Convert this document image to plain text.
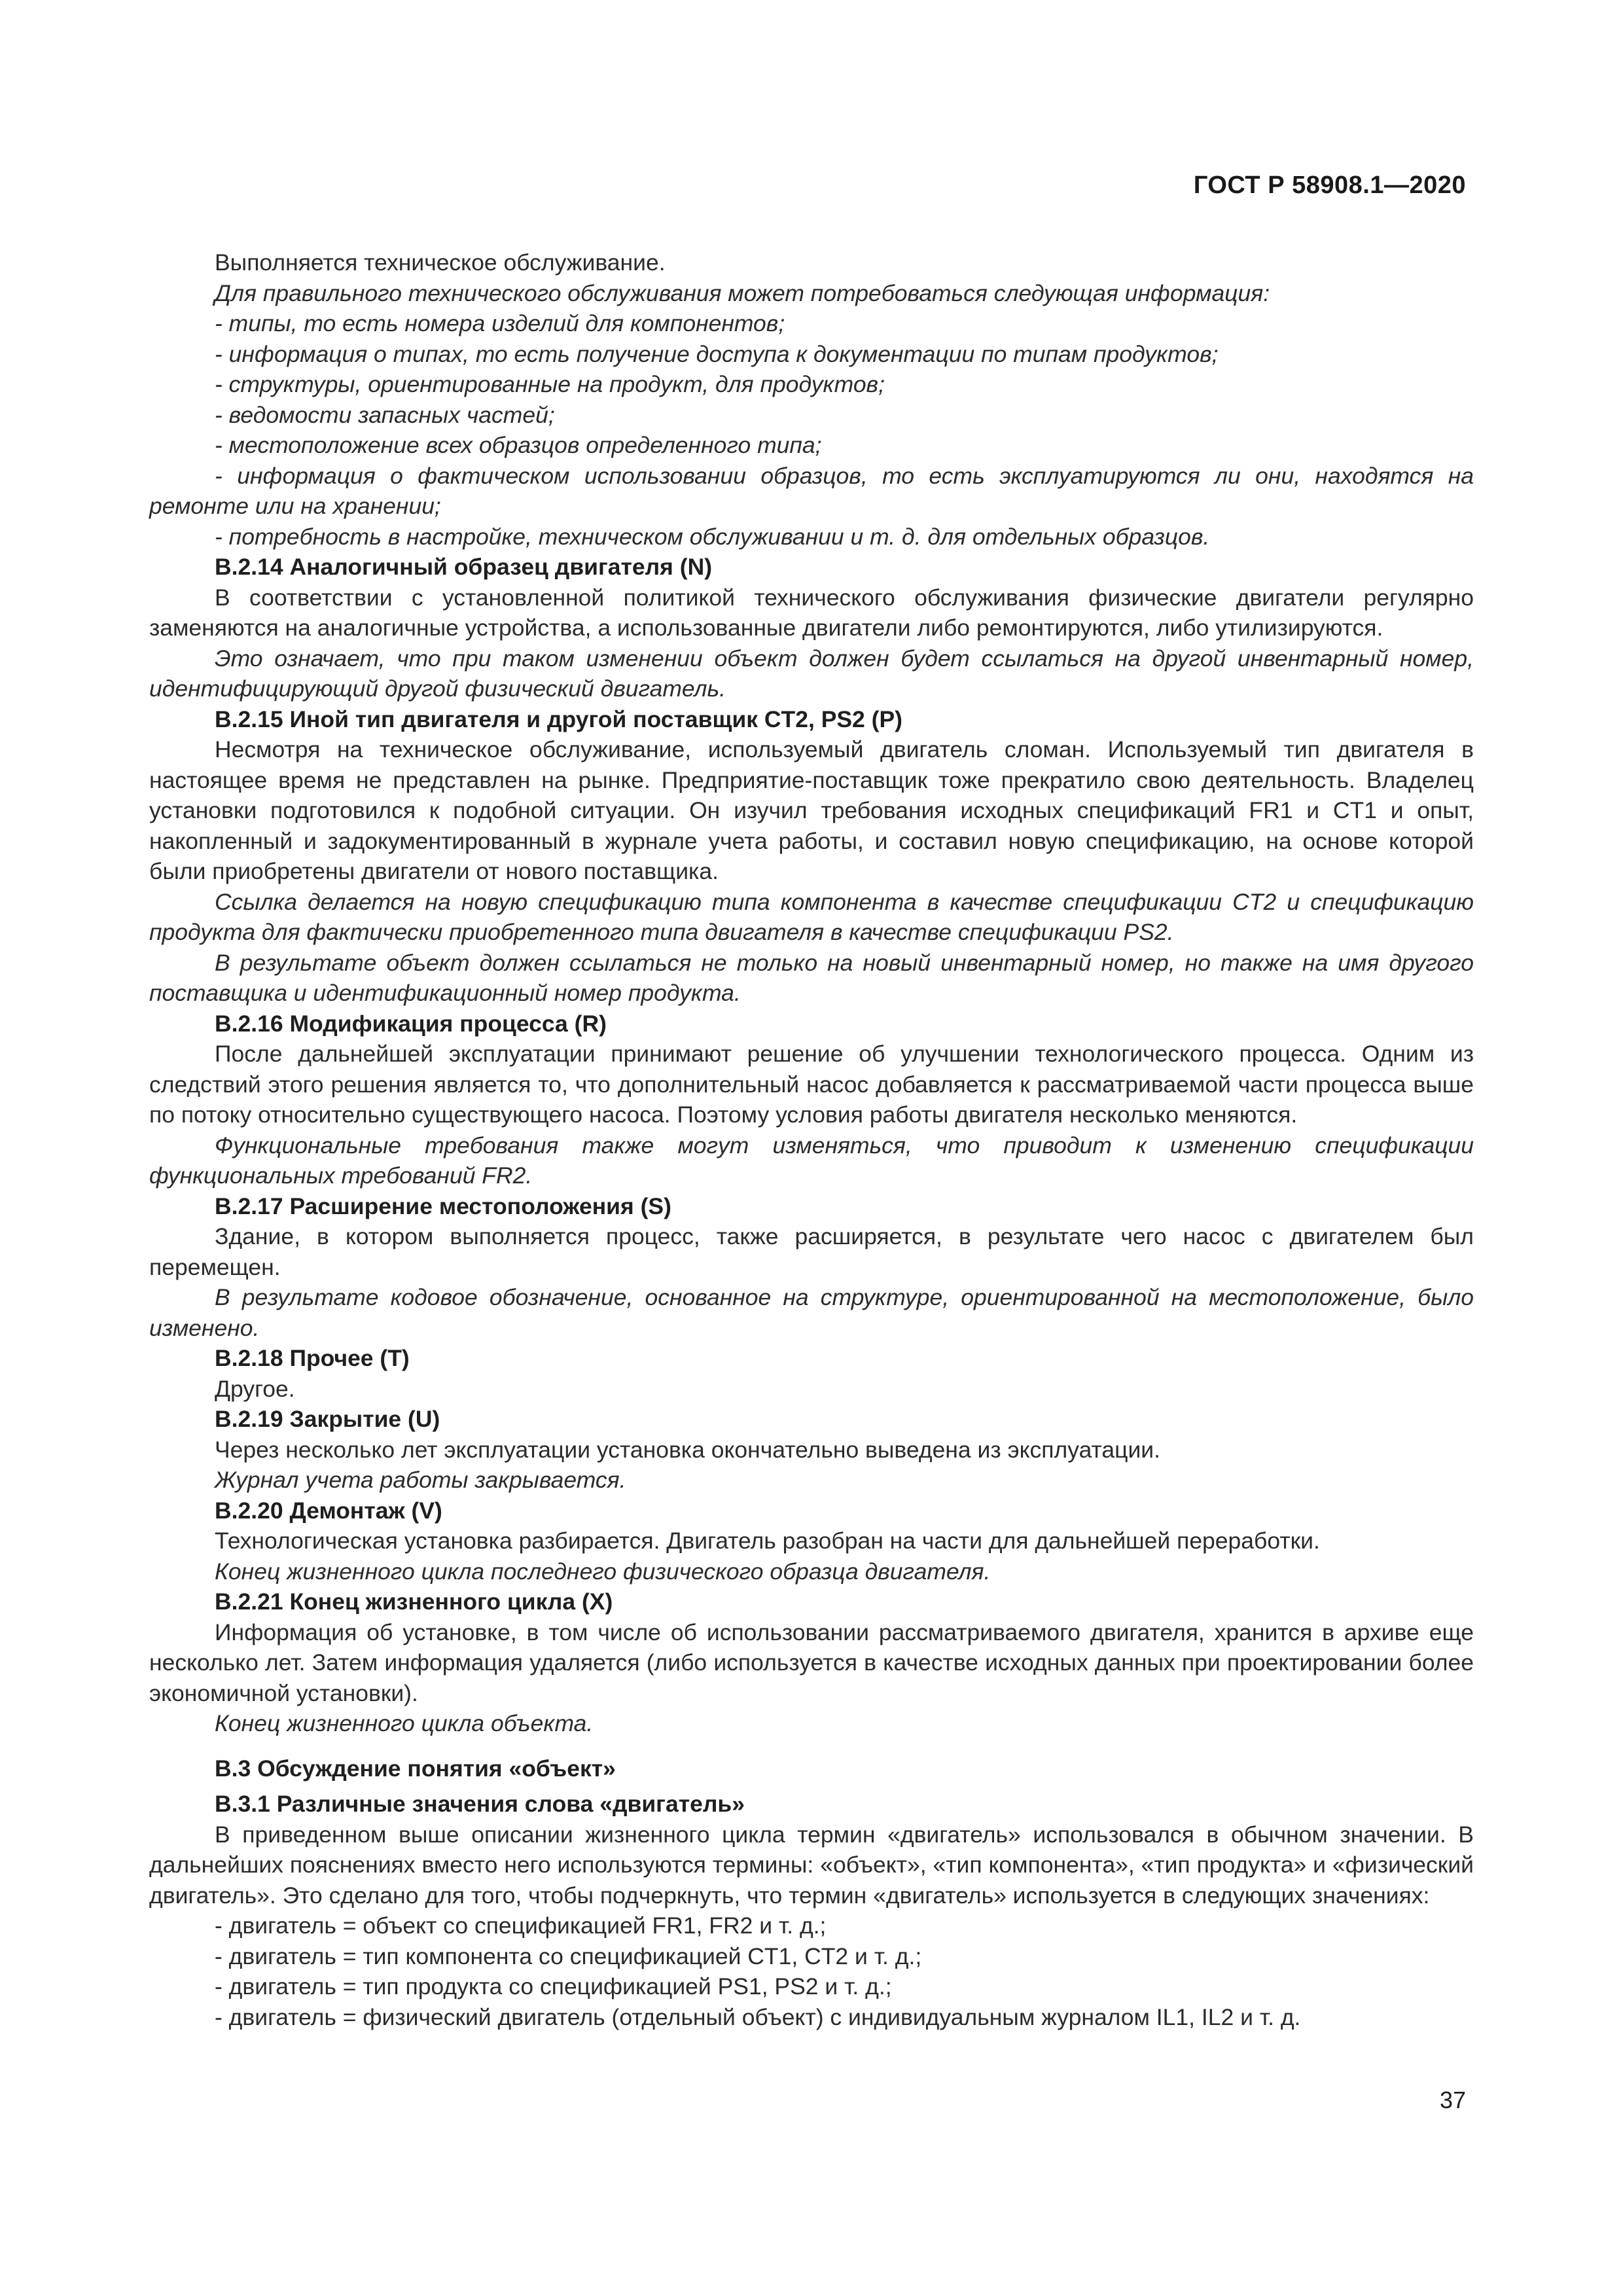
ГОСТ Р 58908.1—2020
Выполняется техническое обслуживание.
Для правильного технического обслуживания может потребоваться следующая информация:
- типы, то есть номера изделий для компонентов;
- информация о типах, то есть получение доступа к документации по типам продуктов;
- структуры, ориентированные на продукт, для продуктов;
- ведомости запасных частей;
- местоположение всех образцов определенного типа;
- информация о фактическом использовании образцов, то есть эксплуатируются ли они, находятся на ремонте или на хранении;
- потребность в настройке, техническом обслуживании и т. д. для отдельных образцов.
B.2.14 Аналогичный образец двигателя (N)
В соответствии с установленной политикой технического обслуживания физические двигатели регулярно заменяются на аналогичные устройства, а использованные двигатели либо ремонтируются, либо утилизируются.
Это означает, что при таком изменении объект должен будет ссылаться на другой инвентарный номер, идентифицирующий другой физический двигатель.
B.2.15 Иной тип двигателя и другой поставщик CT2, PS2 (P)
Несмотря на техническое обслуживание, используемый двигатель сломан. Используемый тип двигателя в настоящее время не представлен на рынке. Предприятие-поставщик тоже прекратило свою деятельность. Владелец установки подготовился к подобной ситуации. Он изучил требования исходных спецификаций FR1 и CT1 и опыт, накопленный и задокументированный в журнале учета работы, и составил новую спецификацию, на основе которой были приобретены двигатели от нового поставщика.
Ссылка делается на новую спецификацию типа компонента в качестве спецификации CT2 и спецификацию продукта для фактически приобретенного типа двигателя в качестве спецификации PS2.
В результате объект должен ссылаться не только на новый инвентарный номер, но также на имя другого поставщика и идентификационный номер продукта.
B.2.16 Модификация процесса (R)
После дальнейшей эксплуатации принимают решение об улучшении технологического процесса. Одним из следствий этого решения является то, что дополнительный насос добавляется к рассматриваемой части процесса выше по потоку относительно существующего насоса. Поэтому условия работы двигателя несколько меняются.
Функциональные требования также могут изменяться, что приводит к изменению спецификации функциональных требований FR2.
B.2.17 Расширение местоположения (S)
Здание, в котором выполняется процесс, также расширяется, в результате чего насос с двигателем был перемещен.
В результате кодовое обозначение, основанное на структуре, ориентированной на местоположение, было изменено.
B.2.18 Прочее (T)
Другое.
B.2.19 Закрытие (U)
Через несколько лет эксплуатации установка окончательно выведена из эксплуатации.
Журнал учета работы закрывается.
B.2.20 Демонтаж (V)
Технологическая установка разбирается. Двигатель разобран на части для дальнейшей переработки.
Конец жизненного цикла последнего физического образца двигателя.
B.2.21 Конец жизненного цикла (X)
Информация об установке, в том числе об использовании рассматриваемого двигателя, хранится в архиве еще несколько лет. Затем информация удаляется (либо используется в качестве исходных данных при проектировании более экономичной установки).
Конец жизненного цикла объекта.
B.3 Обсуждение понятия «объект»
B.3.1 Различные значения слова «двигатель»
В приведенном выше описании жизненного цикла термин «двигатель» использовался в обычном значении. В дальнейших пояснениях вместо него используются термины: «объект», «тип компонента», «тип продукта» и «физический двигатель». Это сделано для того, чтобы подчеркнуть, что термин «двигатель» используется в следующих значениях:
- двигатель = объект со спецификацией FR1, FR2 и т. д.;
- двигатель = тип компонента со спецификацией CT1, CT2 и т. д.;
- двигатель = тип продукта со спецификацией PS1, PS2 и т. д.;
- двигатель = физический двигатель (отдельный объект) с индивидуальным журналом IL1, IL2 и т. д.
37
